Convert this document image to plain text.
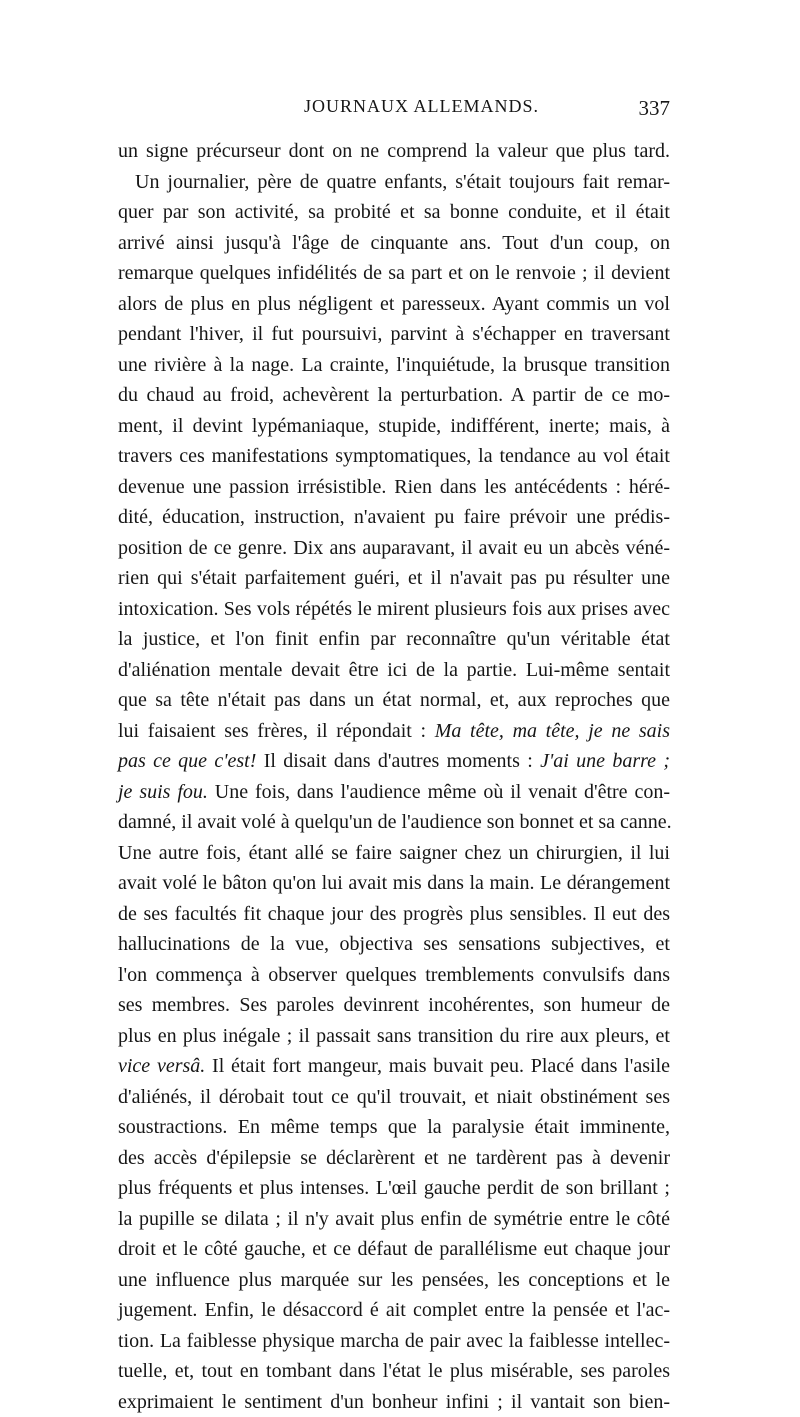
JOURNAUX ALLEMANDS.	337
un signe précurseur dont on ne comprend la valeur que plus tard.
Un journalier, père de quatre enfants, s'était toujours fait remar-
quer par son activité, sa probité et sa bonne conduite, et il était
arrivé ainsi jusqu'à l'âge de cinquante ans. Tout d'un coup, on
remarque quelques infidélités de sa part et on le renvoie ; il devient
alors de plus en plus négligent et paresseux. Ayant commis un vol
pendant l'hiver, il fut poursuivi, parvint à s'échapper en traversant
une rivière à la nage. La crainte, l'inquiétude, la brusque transition
du chaud au froid, achevèrent la perturbation. A partir de ce mo-
ment, il devint lypémaniaque, stupide, indifférent, inerte; mais, à
travers ces manifestations symptomatiques, la tendance au vol était
devenue une passion irrésistible. Rien dans les antécédents : héré-
dité, éducation, instruction, n'avaient pu faire prévoir une prédis-
position de ce genre. Dix ans auparavant, il avait eu un abcès véné-
rien qui s'était parfaitement guéri, et il n'avait pas pu résulter une
intoxication. Ses vols répétés le mirent plusieurs fois aux prises avec
la justice, et l'on finit enfin par reconnaître qu'un véritable état
d'aliénation mentale devait être ici de la partie. Lui-même sentait
que sa tête n'était pas dans un état normal, et, aux reproches que
lui faisaient ses frères, il répondait : Ma tête, ma tête, je ne sais
pas ce que c'est! Il disait dans d'autres moments : J'ai une barre ;
je suis fou. Une fois, dans l'audience même où il venait d'être con-
damné, il avait volé à quelqu'un de l'audience son bonnet et sa canne.
Une autre fois, étant allé se faire saigner chez un chirurgien, il lui
avait volé le bâton qu'on lui avait mis dans la main. Le dérangement
de ses facultés fit chaque jour des progrès plus sensibles. Il eut des
hallucinations de la vue, objectiva ses sensations subjectives, et
l'on commença à observer quelques tremblements convulsifs dans
ses membres. Ses paroles devinrent incohérentes, son humeur de
plus en plus inégale ; il passait sans transition du rire aux pleurs, et
vice versâ. Il était fort mangeur, mais buvait peu. Placé dans l'asile
d'aliénés, il dérobait tout ce qu'il trouvait, et niait obstinément ses
soustractions. En même temps que la paralysie était imminente,
des accès d'épilepsie se déclarèrent et ne tardèrent pas à devenir
plus fréquents et plus intenses. L'œil gauche perdit de son brillant ;
la pupille se dilata ; il n'y avait plus enfin de symétrie entre le côté
droit et le côté gauche, et ce défaut de parallélisme eut chaque jour
une influence plus marquée sur les pensées, les conceptions et le
jugement. Enfin, le désaccord é ait complet entre la pensée et l'ac-
tion. La faiblesse physique marcha de pair avec la faiblesse intellec-
tuelle, et, tout en tombant dans l'état le plus misérable, ses paroles
exprimaient le sentiment d'un bonheur infini ; il vantait son bien-
